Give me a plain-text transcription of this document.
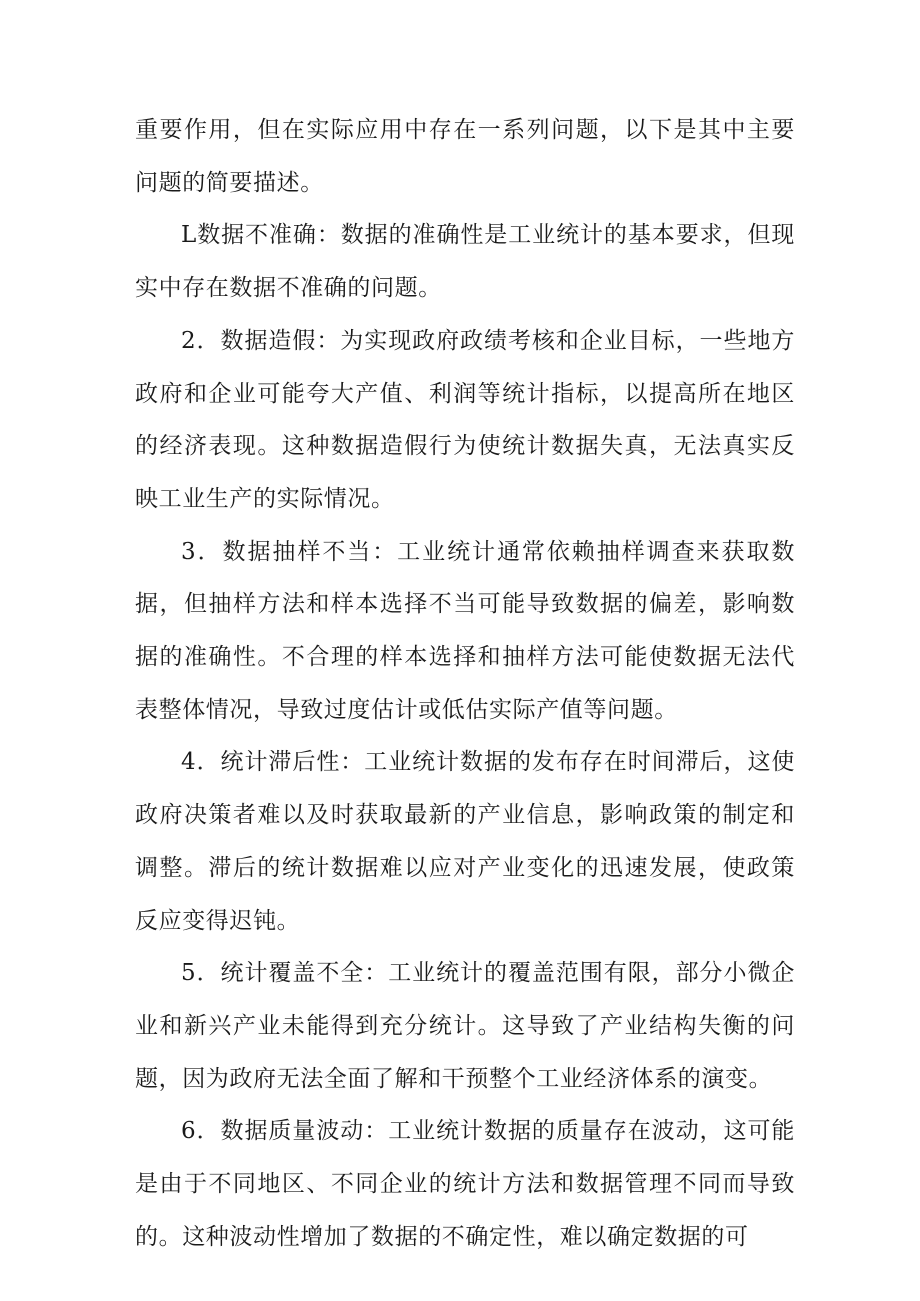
重要作用，但在实际应用中存在一系列问题，以下是其中主要问题的简要描述。

L数据不准确：数据的准确性是工业统计的基本要求，但现实中存在数据不准确的问题。

2．数据造假：为实现政府政绩考核和企业目标，一些地方政府和企业可能夸大产值、利润等统计指标，以提高所在地区的经济表现。这种数据造假行为使统计数据失真，无法真实反映工业生产的实际情况。

3．数据抽样不当：工业统计通常依赖抽样调查来获取数据，但抽样方法和样本选择不当可能导致数据的偏差，影响数据的准确性。不合理的样本选择和抽样方法可能使数据无法代表整体情况，导致过度估计或低估实际产值等问题。

4．统计滞后性：工业统计数据的发布存在时间滞后，这使政府决策者难以及时获取最新的产业信息，影响政策的制定和调整。滞后的统计数据难以应对产业变化的迅速发展，使政策反应变得迟钝。

5．统计覆盖不全：工业统计的覆盖范围有限，部分小微企业和新兴产业未能得到充分统计。这导致了产业结构失衡的问题，因为政府无法全面了解和干预整个工业经济体系的演变。

6．数据质量波动：工业统计数据的质量存在波动，这可能是由于不同地区、不同企业的统计方法和数据管理不同而导致的。这种波动性增加了数据的不确定性，难以确定数据的可
